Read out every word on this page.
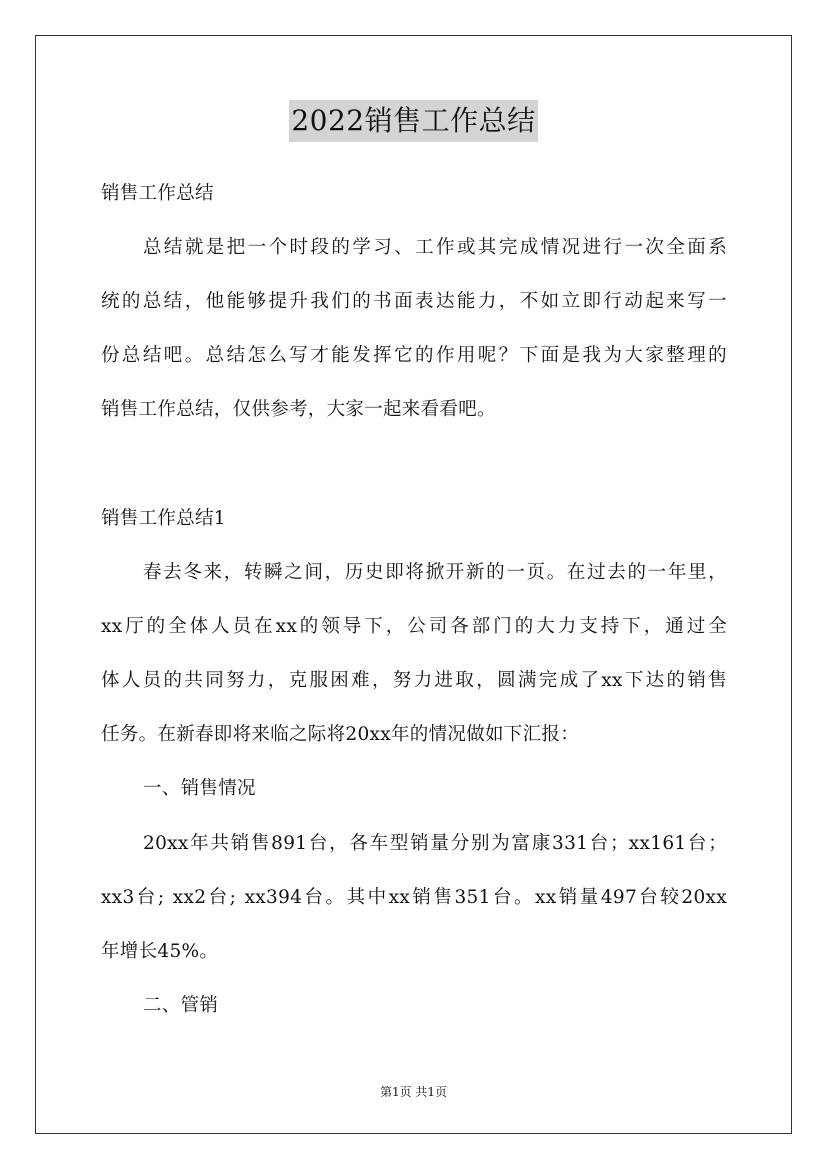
2022销售工作总结
销售工作总结
总结就是把一个时段的学习、工作或其完成情况进行一次全面系
统的总结，他能够提升我们的书面表达能力，不如立即行动起来写一
份总结吧。总结怎么写才能发挥它的作用呢？下面是我为大家整理的
销售工作总结，仅供参考，大家一起来看看吧。
销售工作总结1
春去冬来，转瞬之间，历史即将掀开新的一页。在过去的一年里，
xx厅的全体人员在xx的领导下，公司各部门的大力支持下，通过全
体人员的共同努力，克服困难，努力进取，圆满完成了xx下达的销售
任务。在新春即将来临之际将20xx年的情况做如下汇报：
一、销售情况
20xx年共销售891台，各车型销量分别为富康331台；xx161台；
xx3台; xx2台; xx394台。其中xx销售351台。xx销量497台较20xx
年增长45%。
二、管销
第1页 共1页
